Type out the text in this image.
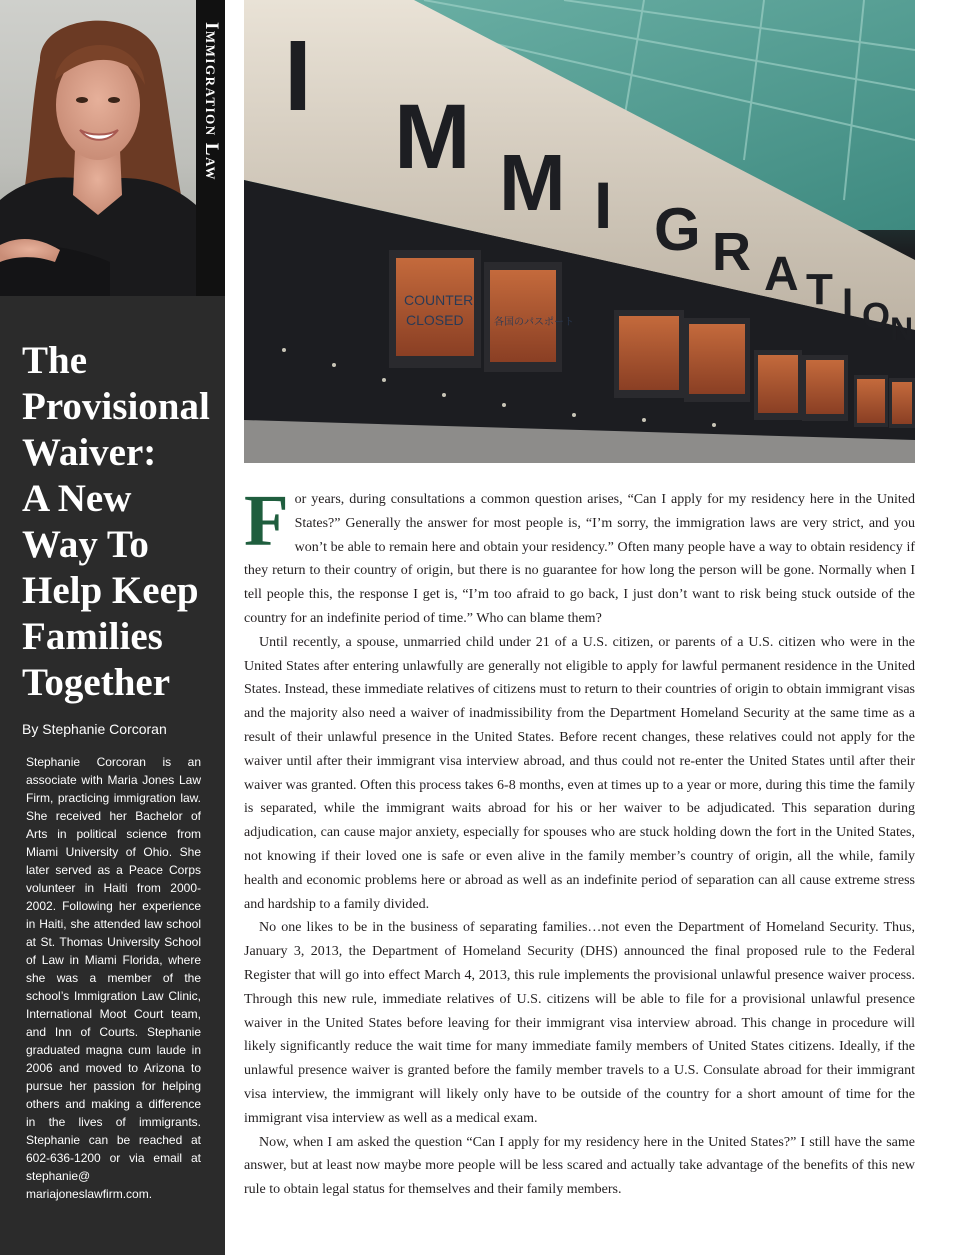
Immigration Law
The
Provisional
Waiver:
A New
Way To
Help Keep
Families
Together
By Stephanie Corcoran
Stephanie Corcoran is an associate with Maria Jones Law Firm, practicing immigration law. She received her Bachelor of Arts in political science from Miami University of Ohio. She later served as a Peace Corps volunteer in Haiti from 2000-2002. Following her experience in Haiti, she attended law school at St. Thomas University School of Law in Miami Florida, where she was a member of the school’s Immigration Law Clinic, International Moot Court team, and Inn of Courts. Stephanie graduated magna cum laude in 2006 and moved to Arizona to pursue her passion for helping others and making a difference in the lives of immigrants. Stephanie can be reached at 602-636-1200 or via email at stephanie@ mariajoneslawfirm.com.
I
M M I G R A T I O N
COUNTER
CLOSED	各国のパスポート

For years, during consultations a common question arises, “Can I apply for my residency here in the United States?” Generally the answer for most people is, “I’m sorry, the immigration laws are very strict, and you won’t be able to remain here and obtain your residency.” Often many people have a way to obtain residency if they return to their country of origin, but there is no guarantee for how long the person will be gone. Normally when I tell people this, the response I get is, “I’m too afraid to go back, I just don’t want to risk being stuck outside of the country for an indefinite period of time.” Who can blame them?

Until recently, a spouse, unmarried child under 21 of a U.S. citizen, or parents of a U.S. citizen who were in the United States after entering unlawfully are generally not eligible to apply for lawful permanent residence in the United States. Instead, these immediate relatives of citizens must to return to their countries of origin to obtain immigrant visas and the majority also need a waiver of inadmissibility from the Department Homeland Security at the same time as a result of their unlawful presence in the United States. Before recent changes, these relatives could not apply for the waiver until after their immigrant visa interview abroad, and thus could not re-enter the United States until after their waiver was granted. Often this process takes 6-8 months, even at times up to a year or more, during this time the family is separated, while the immigrant waits abroad for his or her waiver to be adjudicated. This separation during adjudication, can cause major anxiety, especially for spouses who are stuck holding down the fort in the United States, not knowing if their loved one is safe or even alive in the family member’s country of origin, all the while, family health and economic problems here or abroad as well as an indefinite period of separation can all cause extreme stress and hardship to a family divided.

No one likes to be in the business of separating families…not even the Department of Homeland Security. Thus, January 3, 2013, the Department of Homeland Security (DHS) announced the final proposed rule to the Federal Register that will go into effect March 4, 2013, this rule implements the provisional unlawful presence waiver process. Through this new rule, immediate relatives of U.S. citizens will be able to file for a provisional unlawful presence waiver in the United States before leaving for their immigrant visa interview abroad. This change in procedure will likely significantly reduce the wait time for many immediate family members of United States citizens. Ideally, if the unlawful presence waiver is granted before the family member travels to a U.S. Consulate abroad for their immigrant visa interview, the immigrant will likely only have to be outside of the country for a short amount of time for the immigrant visa interview as well as a medical exam.

Now, when I am asked the question “Can I apply for my residency here in the United States?” I still have the same answer, but at least now maybe more people will be less scared and actually take advantage of the benefits of this new rule to obtain legal status for themselves and their family members.
